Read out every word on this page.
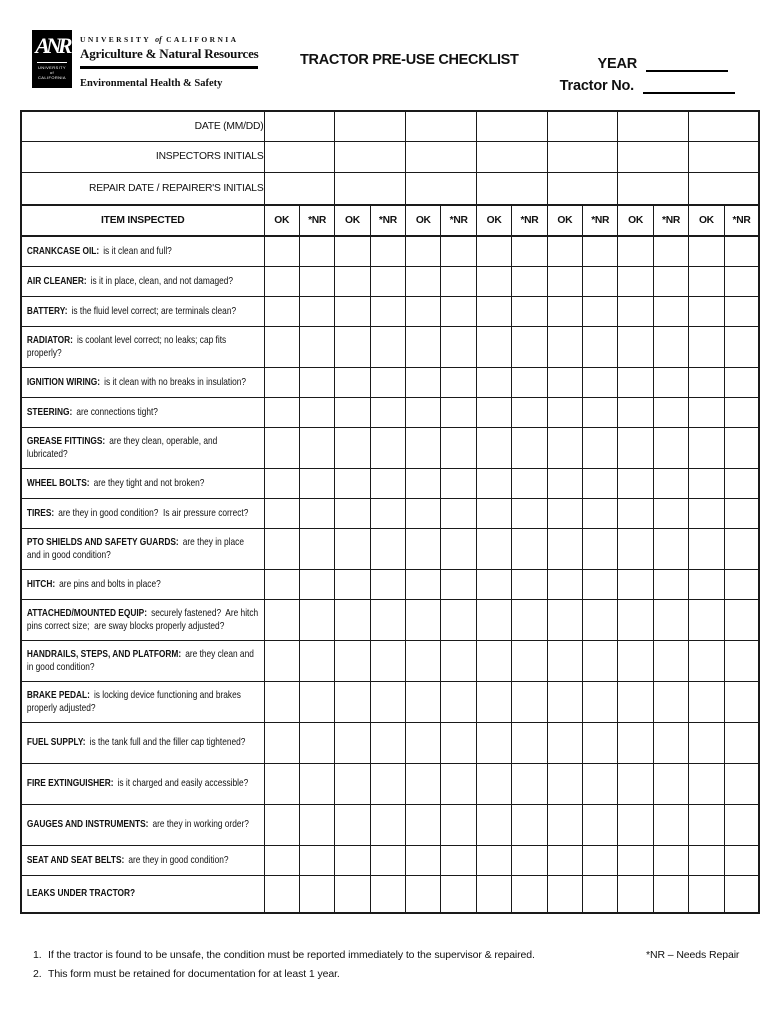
ANR
UNIVERSITY
of
CALIFORNIA
UNIVERSITY of CALIFORNIA
Agriculture & Natural Resources
Environmental Health & Safety
TRACTOR PRE-USE CHECKLIST	YEAR
Tractor No.
DATE (MM/DD)														
INSPECTORS INITIALS														
REPAIR DATE / REPAIRER'S INITIALS														
ITEM INSPECTED	OK	*NR	OK	*NR	OK	*NR	OK	*NR	OK	*NR	OK	*NR	OK	*NR

CRANKCASE OIL: is it clean and full?														

AIR CLEANER: is it in place, clean, and not damaged?														

BATTERY: is the fluid level correct; are terminals clean?														

RADIATOR: is coolant level correct; no leaks; cap fits properly?														

IGNITION WIRING: is it clean with no breaks in insulation?														

STEERING: are connections tight?														

GREASE FITTINGS: are they clean, operable, and lubricated?														

WHEEL BOLTS: are they tight and not broken?														

TIRES: are they in good condition?  Is air pressure correct?														

PTO SHIELDS AND SAFETY GUARDS: are they in place and in good condition?														

HITCH: are pins and bolts in place?														

ATTACHED/MOUNTED EQUIP: securely fastened?  Are hitch pins correct size;  are sway blocks properly adjusted?														

HANDRAILS, STEPS, AND PLATFORM: are they clean and in good condition?														

BRAKE PEDAL: is locking device functioning and brakes properly adjusted?														

FUEL SUPPLY: is the tank full and the filler cap tightened?														

FIRE EXTINGUISHER: is it charged and easily accessible?														

GAUGES AND INSTRUMENTS: are they in working order?														

SEAT AND SEAT BELTS: are they in good condition?														

LEAKS UNDER TRACTOR?														

1. If the tractor is found to be unsafe, the condition must be reported immediately to the supervisor & repaired.
2. This form must be retained for documentation for at least 1 year.
*NR – Needs Repair
